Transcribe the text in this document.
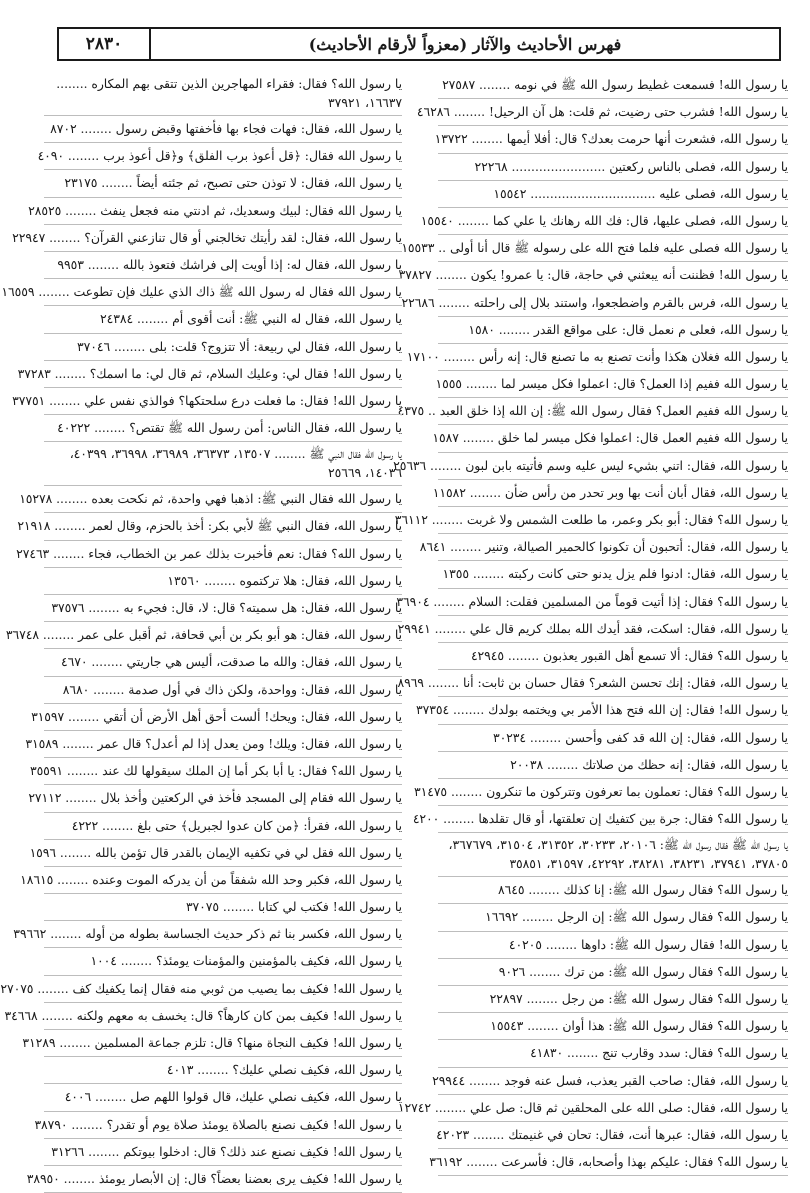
٢٨٣٠	فهرس الأحاديث والآثار (معزواً لأرقام الأحاديث)
يا رسول الله! فسمعت غطيط رسول الله ﷺ في نومه ........ ٢٧٥٨٧
يا رسول الله! فشرب حتى رضيت، ثم قلت: هل آن الرحيل! ........ ٤٦٢٨٦
يا رسول الله، فشعرت أنها حرمت بعدك؟ قال: أفلا أيمها ........ ١٣٧٢٢
يا رسول الله، فصلى بالناس ركعتين ........................ ٢٢٢٦٨
يا رسول الله، فصلى عليه ................................ ١٥٥٤٢
يا رسول الله، فصلى عليها، قال: فك الله رهانك يا علي كما ........ ١٥٥٤٠
يا رسول الله فصلى عليه فلما فتح الله على رسوله ﷺ قال أنا أولى .. ١٥٥٣٣
يا رسول الله! فظننت أنه يبعثني في حاجة، قال: يا عمرو! يكون ........ ٣٧٨٢٧
يا رسول الله، فرس بالقرم واضطجعوا، واستند بلال إلى راحلته ........ ٢٢٦٨٦
يا رسول الله، فعلى م نعمل قال: على مواقع القدر ........ ١٥٨٠
يا رسول الله فغلان هكذا وأنت تصنع به ما تصنع قال: إنه رأس ........ ١٧١٠٠
يا رسول الله ففيم إذا العمل؟ قال: اعملوا فكل ميسر لما ........ ١٥٥٥
يا رسول الله ففيم العمل؟ فقال رسول الله ﷺ: إن الله إذا خلق العبد .. ٤٣٧٥
يا رسول الله ففيم العمل قال: اعملوا فكل ميسر لما خلق ........ ١٥٨٧
يا رسول الله، فقال: اتني بشيء ليس عليه وسم فأتيته بابن لبون ........ ٢٥٦٣٦
يا رسول الله، فقال أبان أنت بها وبر تحدر من رأس ضأن ........ ١١٥٨٢
يا رسول الله؟ فقال: أبو بكر وعمر، ما طلعت الشمس ولا غربت ........ ٣٦١١٢
يا رسول الله، فقال: أتحبون أن تكونوا كالحمير الصيالة، وتنير ........ ٨٦٤١
يا رسول الله، فقال: ادنوا فلم يزل يدنو حتى كانت ركبته ........ ١٣٥٥
يا رسول الله؟ فقال: إذا أتيت قوماً من المسلمين فقلت: السلام ........ ٣٦٩٠٤
يا رسول الله، فقال: اسكت، فقد أيدك الله بملك كريم قال علي ........ ٢٩٩٤١
يا رسول الله؟ فقال: ألا تسمع أهل القبور يعذبون ........ ٤٢٩٤٥
يا رسول الله، فقال: إنك تحسن الشعر؟ فقال حسان بن ثابت: أنا ........ ٨٩٦٩
يا رسول الله! فقال: إن الله فتح هذا الأمر بي ويختمه بولدك ........ ٣٧٣٥٤
يا رسول الله، فقال: إن الله قد كفى وأحسن ........ ٣٠٢٣٤
يا رسول الله، فقال: إنه حظك من صلاتك ........ ٢٠٠٣٨
يا رسول الله؟ فقال: تعملون بما تعرفون وتتركون ما تنكرون ........ ٣١٤٧٥
يا رسول الله؟ فقال: جرة بين كتفيك إن تعلقتها، أو قال تقلدها ........ ٤٢٠٠
يا رسول الله ﷺ فقال رسول الله ﷺ: ٢٠١٠٦، ٣٠٢٣٣، ٣١٣٥٢، ٣١٥٠٤، ٣٦٧٦٧٩، ٣٧٨٠٥، ٣٧٩٤١، ٣٨٢٣١، ٣٨٢٨١، ٤٢٢٩٢، ٣١٥٩٧، ٣٥٨٥١
يا رسول الله؟ فقال رسول الله ﷺ: إنا كذلك ........ ٨٦٤٥
يا رسول الله؟ فقال رسول الله ﷺ: إن الرجل ........ ١٦٦٩٢
يا رسول الله! فقال رسول الله ﷺ: داوها ........ ٤٠٢٠٥
يا رسول الله؟ فقال رسول الله ﷺ: من ترك ........ ٩٠٢٦
يا رسول الله؟ فقال رسول الله ﷺ: من رجل ........ ٢٢٨٩٧
يا رسول الله؟ فقال رسول الله ﷺ: هذا أوان ........ ١٥٥٤٣
يا رسول الله؟ فقال: سدد وقارب تنج ........ ٤١٨٣٠
يا رسول الله، فقال: صاحب القبر يعذب، فسل عنه فوجد ........ ٢٩٩٤٤
يا رسول الله، فقال: صلى الله على المحلقين ثم قال: صل علي ........ ١٢٧٤٢
يا رسول الله، فقال: عبرها أنت، فقال: تحان في غنيمتك ........ ٤٢٠٢٣
يا رسول الله؟ فقال: عليكم بهذا وأصحابه، قال: فأسرعت ........ ٣٦١٩٢
يا رسول الله؟ فقال: فقراء المهاجرين الذين تتقى بهم المكاره ........ ١٦٦٣٧، ٣٧٩٢١
يا رسول الله، فقال: فهات فجاء بها فأخفتها وقبض رسول ........ ٨٧٠٢
يا رسول الله فقال: ﴿قل أعوذ برب الفلق﴾ و﴿قل أعوذ برب ........ ٤٠٩٠
يا رسول الله، فقال: لا توذن حتى تصبح، ثم جئته أيضاً ........ ٢٣١٧٥
يا رسول الله فقال: لبيك وسعديك، ثم ادنتي منه فجعل ينفث ........ ٢٨٥٢٥
يا رسول الله، فقال: لقد رأيتك تخالجني أو قال تنازعني القرآن؟ ........ ٢٢٩٤٧
يا رسول الله، فقال له: إذا أويت إلى فراشك فتعوذ بالله ........ ٩٩٥٣
يا رسول الله فقال له رسول الله ﷺ ذاك الذي عليك فإن تطوعت ........ ١٦٥٥٩
يا رسول الله، فقال له النبي ﷺ: أنت أقوى أم ........ ٢٤٣٨٤
يا رسول الله، فقال لي ربيعة: ألا تتزوج؟ قلت: بلى ........ ٣٧٠٤٦
يا رسول الله! فقال لي: وعليك السلام، ثم قال لي: ما اسمك؟ ........ ٣٧٢٨٣
يا رسول الله! فقال: ما فعلت درع سلحتكها؟ فوالذي نفس علي ........ ٣٧٧٥١
يا رسول الله، فقال الناس: أمن رسول الله ﷺ تقتص؟ ........ ٤٠٢٢٢
يا رسول الله فقال النبي ﷺ ........ ١٣٥٠٧، ٣٦٣٧٣، ٣٦٩٨٩، ٣٦٩٩٨، ٤٠٣٩٩، ١٤٠٣٦، ٢٥٦٦٩
يا رسول الله فقال النبي ﷺ: اذهبا فهي واحدة، ثم نكحت بعده ........ ١٥٢٧٨
يا رسول الله، فقال النبي ﷺ لأبي بكر: أخذ بالحزم، وقال لعمر ........ ٢١٩١٨
يا رسول الله؟ فقال: نعم فأخبرت بذلك عمر بن الخطاب، فجاء ........ ٢٧٤٦٣
يا رسول الله، فقال: هلا تركتموه ........ ١٣٥٦٠
يا رسول الله، فقال: هل سميته؟ قال: لا، قال: فجيء به ........ ٣٧٥٧٦
يا رسول الله، فقال: هو أبو بكر بن أبي قحافة، ثم أقبل على عمر ........ ٣٦٧٤٨
يا رسول الله، فقال: والله ما صدقت، أليس هي جاريتي ........ ٤٦٧٠
يا رسول الله، فقال: وواحدة، ولكن ذاك في أول صدمة ........ ٨٦٨٠
يا رسول الله، فقال: ويحك! ألست أحق أهل الأرض أن أتقي ........ ٣١٥٩٧
يا رسول الله، فقال: ويلك! ومن يعدل إذا لم أعدل؟ قال عمر ........ ٣١٥٨٩
يا رسول الله؟ فقال: يا أبا بكر أما إن الملك سيقولها لك عند ........ ٣٥٥٩١
يا رسول الله فقام إلى المسجد فأخذ في الركعتين وأخذ بلال ........ ٢٧١١٢
يا رسول الله، فقرأ: ﴿من كان عدوا لجبريل﴾ حتى بلغ ........ ٤٢٢٢
يا رسول الله فقل لي في تكفيه الإيمان بالقدر قال تؤمن بالله ........ ١٥٩٦
يا رسول الله، فكبر وحد الله شفقاً من أن يدركه الموت وعنده ........ ١٨٦١٥
يا رسول الله! فكتب لي كتابا ........ ٣٧٠٧٥
يا رسول الله، فكسر بنا ثم ذكر حديث الجساسة بطوله من أوله ........ ٣٩٦٦٢
يا رسول الله، فكيف بالمؤمنين والمؤمنات يومئذ؟ ........ ١٠٠٤
يا رسول الله! فكيف بما يصيب من ثوبي منه فقال إنما يكفيك كف ........ ٢٧٠٧٥
يا رسول الله! فكيف بمن كان كارهاً؟ قال: يخسف به معهم ولكنه ........ ٣٤٦٦٨
يا رسول الله! فكيف النجاة منها؟ قال: تلزم جماعة المسلمين ........ ٣١٢٨٩
يا رسول الله، فكيف نصلي عليك؟ ........ ٤٠١٣
يا رسول الله، فكيف نصلي عليك، قال قولوا اللهم صل ........ ٤٠٠٦
يا رسول الله! فكيف نصنع بالصلاة يومئذ صلاة يوم أو تقدر؟ ........ ٣٨٧٩٠
يا رسول الله! فكيف نصنع عند ذلك؟ قال: ادخلوا بيوتكم ........ ٣١٢٦٦
يا رسول الله! فكيف يرى بعضنا بعضاً؟ قال: إن الأبصار يومئذ ........ ٣٨٩٥٠
